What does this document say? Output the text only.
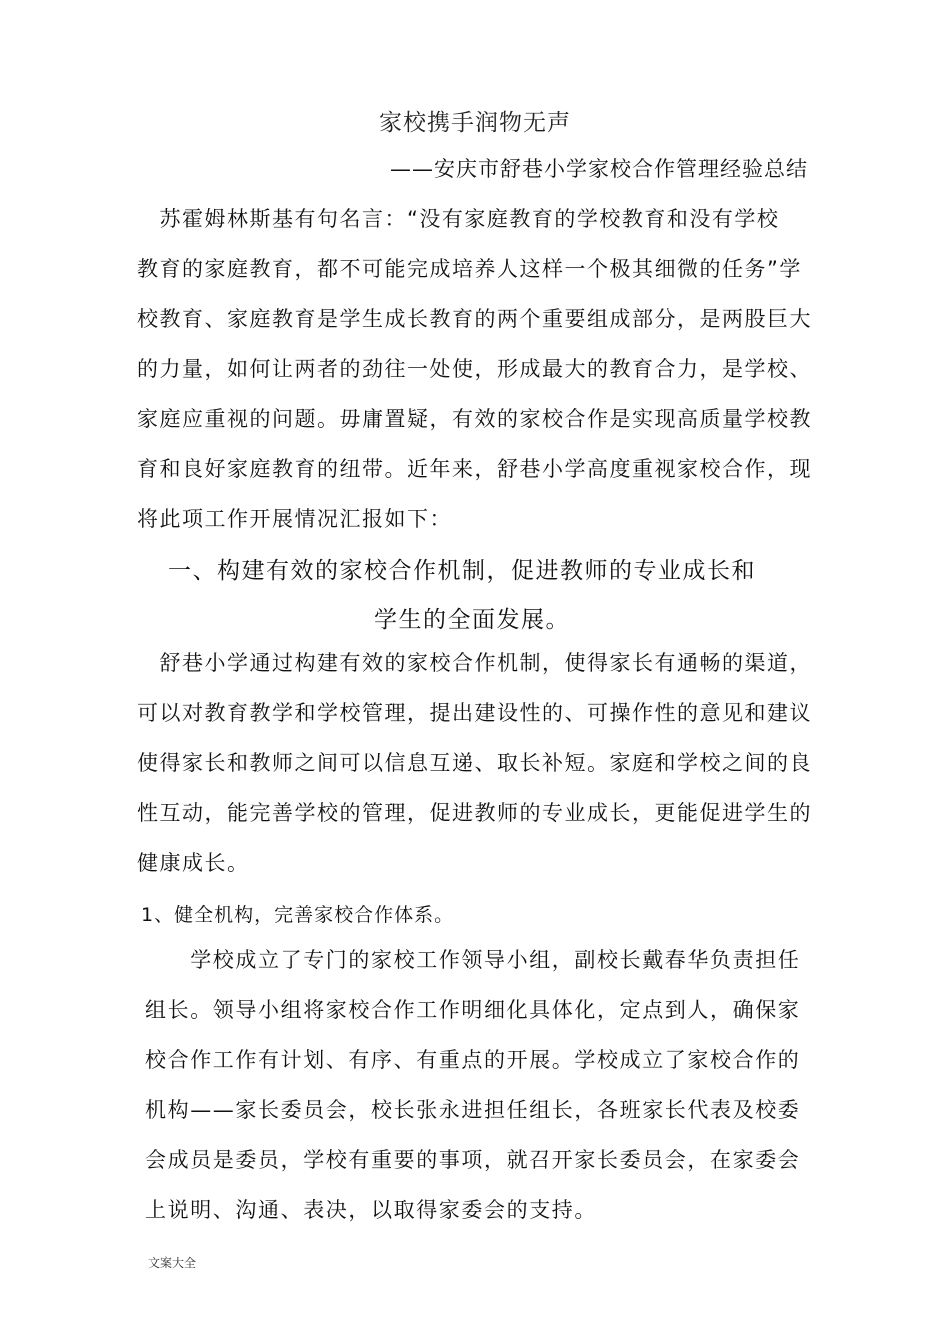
家校携手润物无声
——安庆市舒巷小学家校合作管理经验总结
　苏霍姆林斯基有句名言：“没有家庭教育的学校教育和没有学校
教育的家庭教育，都不可能完成培养人这样一个极其细微的任务”学
校教育、家庭教育是学生成长教育的两个重要组成部分，是两股巨大
的力量，如何让两者的劲往一处使，形成最大的教育合力，是学校、
家庭应重视的问题。毋庸置疑，有效的家校合作是实现高质量学校教
育和良好家庭教育的纽带。近年来，舒巷小学高度重视家校合作，现
将此项工作开展情况汇报如下：
一、构建有效的家校合作机制，促进教师的专业成长和
学生的全面发展。
　舒巷小学通过构建有效的家校合作机制，使得家长有通畅的渠道，
可以对教育教学和学校管理，提出建设性的、可操作性的意见和建议
使得家长和教师之间可以信息互递、取长补短。家庭和学校之间的良
性互动，能完善学校的管理，促进教师的专业成长，更能促进学生的
健康成长。
1、健全机构，完善家校合作体系。
　　学校成立了专门的家校工作领导小组，副校长戴春华负责担任
组长。领导小组将家校合作工作明细化具体化，定点到人，确保家
校合作工作有计划、有序、有重点的开展。学校成立了家校合作的
机构——家长委员会，校长张永进担任组长，各班家长代表及校委
会成员是委员，学校有重要的事项，就召开家长委员会，在家委会
上说明、沟通、表决，以取得家委会的支持。
文案大全
